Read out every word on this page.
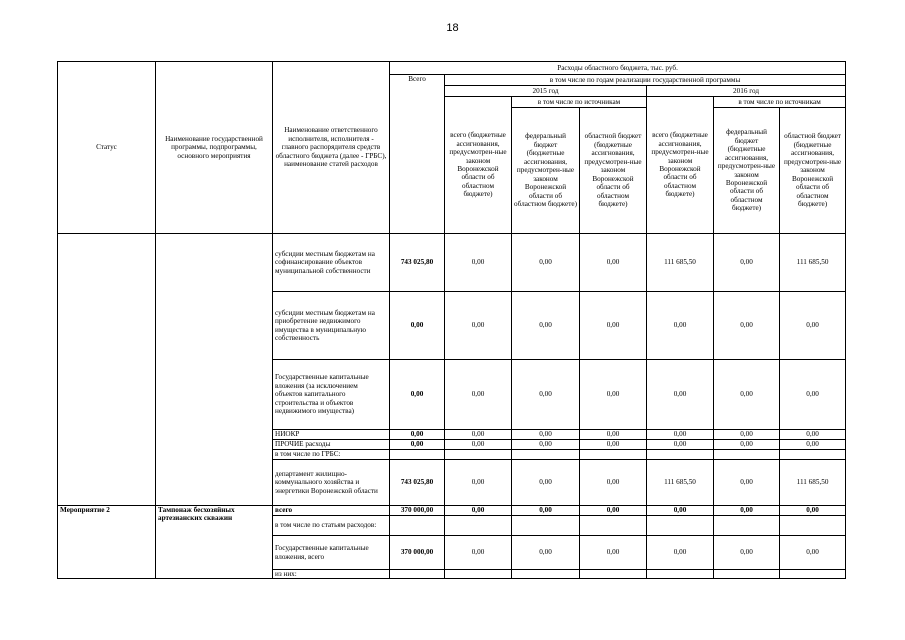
18
Статус	Наименование государственной программы, подпрограммы, основного мероприятия	Наименование ответственного исполнителя, исполнителя - главного распорядителя средств областного бюджета (далее - ГРБС), наименование статей расходов	Расходы областного бюджета, тыс. руб.						
			Всего	в том числе по годам реализации государственной программы					
				2015 год			2016 год		
				всего (бюджетные ассигнования, предусмотрен-ные законом Воронежской области об областном бюджете)	в том числе по источникам		всего (бюджетные ассигнования, предусмотрен-ные законом Воронежской области об областном бюджете)	в том числе по источникам	
					федеральный бюджет (бюджетные ассигнования, предусмотрен-ные законом Воронежской области об областном бюджете)	областной бюджет (бюджетные ассигнования, предусмотрен-ные законом Воронежской области об областном бюджете)		федеральный бюджет (бюджетные ассигнования, предусмотрен-ные законом Воронежской области об областном бюджете)	областной бюджет (бюджетные ассигнования, предусмотрен-ные законом Воронежской области об областном бюджете)
		субсидии местным бюджетам на софинансирование объектов муниципальной собственности	743 025,80	0,00	0,00	0,00	111 685,50	0,00	111 685,50
		субсидии местным бюджетам на приобретение недвижимого имущества в муниципальную собственность	0,00	0,00	0,00	0,00	0,00	0,00	0,00
		Государственные капитальные вложения (за исключением объектов капитального строительства и объектов недвижимого имущества)	0,00	0,00	0,00	0,00	0,00	0,00	0,00
		НИОКР	0,00	0,00	0,00	0,00	0,00	0,00	0,00
		ПРОЧИЕ расходы	0,00	0,00	0,00	0,00	0,00	0,00	0,00
		в том числе по ГРБС:							
		департамент жилищно-коммунального хозяйства и энергетики Воронежской области	743 025,80	0,00	0,00	0,00	111 685,50	0,00	111 685,50
Мероприятие 2	Тампонаж бесхозяйных артезианских скважин	всего	370 000,00	0,00	0,00	0,00	0,00	0,00	0,00
		в том числе по статьям расходов:							
		Государственные капитальные вложения, всего	370 000,00	0,00	0,00	0,00	0,00	0,00	0,00
		из них:							
